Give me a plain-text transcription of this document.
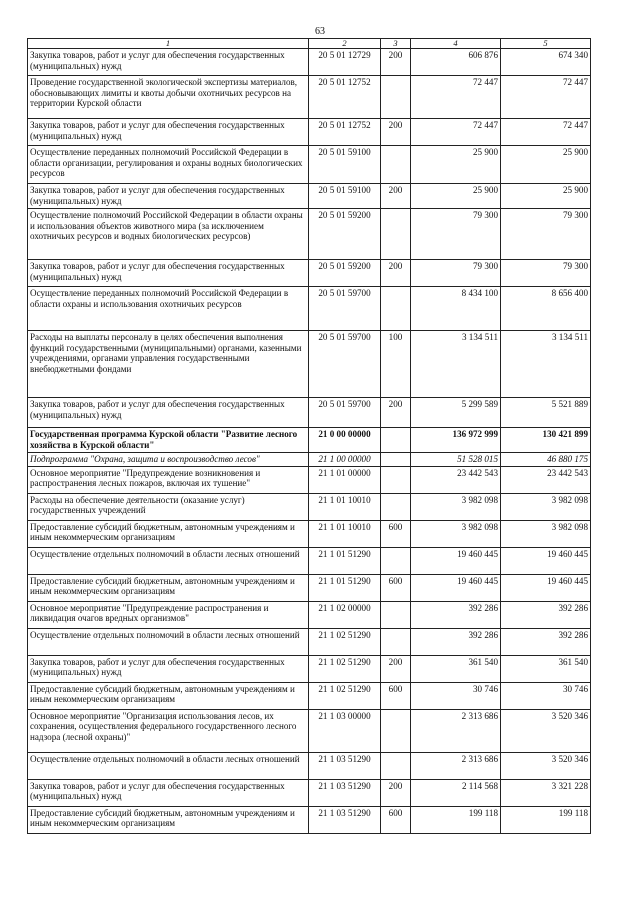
63
1	2	3	4	5
Закупка товаров, работ и услуг для обеспечения государственных (муниципальных) нужд	20 5 01 12729	200	606 876	674 340
Проведение государственной экологической экспертизы материалов, обосновывающих лимиты и квоты добычи охотничьих ресурсов на территории Курской области	20 5 01 12752		72 447	72 447
Закупка товаров, работ и услуг для обеспечения государственных (муниципальных) нужд	20 5 01 12752	200	72 447	72 447
Осуществление переданных полномочий Российской Федерации в области организации, регулирования и охраны водных биологических ресурсов	20 5 01 59100		25 900	25 900
Закупка товаров, работ и услуг для обеспечения государственных (муниципальных) нужд	20 5 01 59100	200	25 900	25 900
Осуществление полномочий Российской Федерации в области охраны и использования объектов животного мира (за исключением охотничьих ресурсов и водных биологических ресурсов)	20 5 01 59200		79 300	79 300
Закупка товаров, работ и услуг для обеспечения государственных (муниципальных) нужд	20 5 01 59200	200	79 300	79 300
Осуществление переданных полномочий Российской Федерации в области охраны и использования охотничьих ресурсов	20 5 01 59700		8 434 100	8 656 400
Расходы на выплаты персоналу в целях обеспечения выполнения функций государственными (муниципальными) органами, казенными учреждениями, органами управления государственными внебюджетными фондами	20 5 01 59700	100	3 134 511	3 134 511
Закупка товаров, работ и услуг для обеспечения государственных (муниципальных) нужд	20 5 01 59700	200	5 299 589	5 521 889
Государственная программа Курской области "Развитие лесного хозяйства в Курской области"	21 0 00 00000		136 972 999	130 421 899
Подпрограмма "Охрана, защита и воспроизводство лесов"	21 1 00 00000		51 528 015	46 880 175
Основное мероприятие "Предупреждение возникновения и распространения лесных пожаров, включая их тушение"	21 1 01 00000		23 442 543	23 442 543
Расходы на обеспечение деятельности (оказание услуг) государственных учреждений	21 1 01 10010		3 982 098	3 982 098
Предоставление субсидий бюджетным, автономным учреждениям и иным некоммерческим организациям	21 1 01 10010	600	3 982 098	3 982 098
Осуществление отдельных полномочий в области лесных отношений	21 1 01 51290		19 460 445	19 460 445
Предоставление субсидий бюджетным, автономным учреждениям и иным некоммерческим организациям	21 1 01 51290	600	19 460 445	19 460 445
Основное мероприятие "Предупреждение распространения и ликвидация очагов вредных организмов"	21 1 02 00000		392 286	392 286
Осуществление отдельных полномочий в области лесных отношений	21 1 02 51290		392 286	392 286
Закупка товаров, работ и услуг для обеспечения государственных (муниципальных) нужд	21 1 02 51290	200	361 540	361 540
Предоставление субсидий бюджетным, автономным учреждениям и иным некоммерческим организациям	21 1 02 51290	600	30 746	30 746
Основное мероприятие "Организация использования лесов, их сохранения, осуществления федерального государственного лесного надзора (лесной охраны)"	21 1 03 00000		2 313 686	3 520 346
Осуществление отдельных полномочий в области лесных отношений	21 1 03 51290		2 313 686	3 520 346
Закупка товаров, работ и услуг для обеспечения государственных (муниципальных) нужд	21 1 03 51290	200	2 114 568	3 321 228
Предоставление субсидий бюджетным, автономным учреждениям и иным некоммерческим организациям	21 1 03 51290	600	199 118	199 118
